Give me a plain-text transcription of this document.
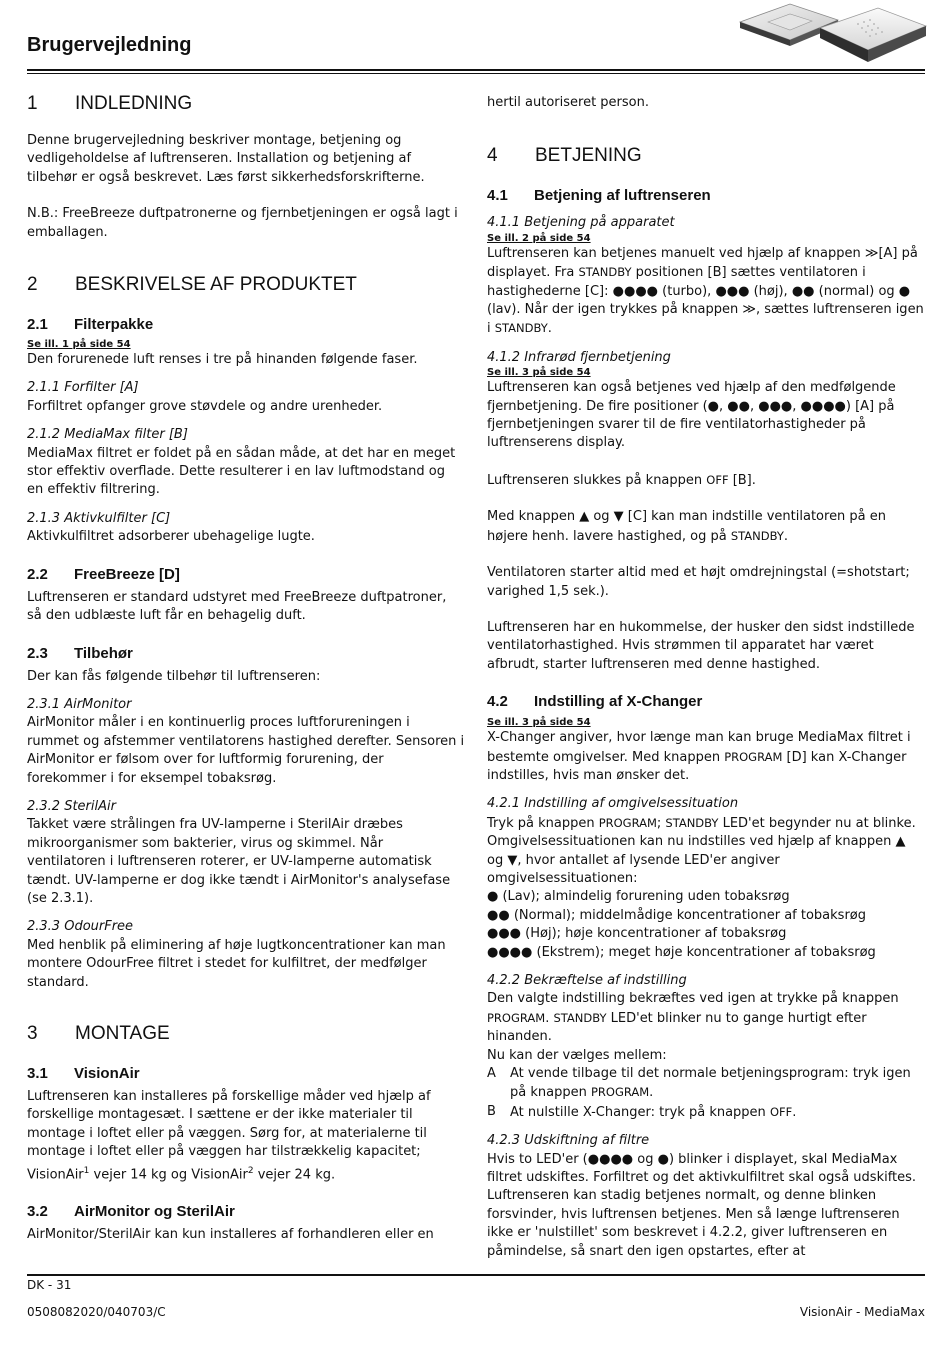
Brugervejledning
1	INDLEDNING

Denne brugervejledning beskriver montage, betjening og vedligeholdelse af luftrenseren. Installation og betjening af tilbehør er også beskrevet. Læs først sikkerhedsforskrifterne.

N.B.: FreeBreeze duftpatronerne og fjernbetjeningen er også lagt i emballagen.

2	BESKRIVELSE AF PRODUKTET
2.1	Filterpakke

Se ill. 1 på side 54

Den forurenede luft renses i tre på hinanden følgende faser.

2.1.1 Forfilter [A]

Forfiltret opfanger grove støvdele og andre urenheder.

2.1.2 MediaMax filter [B]

MediaMax filtret er foldet på en sådan måde, at det har en meget stor effektiv overflade. Dette resulterer i en lav luftmodstand og en effektiv filtrering.

2.1.3 Aktivkulfilter [C]

Aktivkulfiltret adsorberer ubehagelige lugte.

2.2	FreeBreeze [D]

Luftrenseren er standard udstyret med FreeBreeze duftpatroner, så den udblæste luft får en behagelig duft.

2.3	Tilbehør

Der kan fås følgende tilbehør til luftrenseren:

2.3.1 AirMonitor

AirMonitor måler i en kontinuerlig proces luftforureningen i rummet og afstemmer ventilatorens hastighed derefter. Sensoren i AirMonitor er følsom over for luftformig forurening, der forekommer i for eksempel tobaksrøg.

2.3.2 SterilAir

Takket være strålingen fra UV-lamperne i SterilAir dræbes mikroorganismer som bakterier, virus og skimmel. Når ventilatoren i luftrenseren roterer, er UV-lamperne automatisk tændt. UV-lamperne er dog ikke tændt i AirMonitor's analysefase (se 2.3.1).

2.3.3 OdourFree

Med henblik på eliminering af høje lugtkoncentrationer kan man montere OdourFree filtret i stedet for kulfiltret, der medfølger standard.

3	MONTAGE
3.1	VisionAir

Luftrenseren kan installeres på forskellige måder ved hjælp af forskellige montagesæt. I sættene er der ikke materialer til montage i loftet eller på væggen. Sørg for, at materialerne til montage i loftet eller på væggen har tilstrækkelig kapacitet; VisionAir$^1$ vejer 14 kg og VisionAir$^2$ vejer 24 kg.

3.2	AirMonitor og SterilAir

AirMonitor/SterilAir kan kun installeres af forhandleren eller en

hertil autoriseret person.

4	BETJENING
4.1	Betjening af luftrenseren

4.1.1 Betjening på apparatet

Se ill. 2 på side 54

Luftrenseren kan betjenes manuelt ved hjælp af knappen ≫[A] på displayet. Fra STANDBY positionen [B] sættes ventilatoren i hastighederne [C]: ●●●● (turbo), ●●● (høj), ●● (normal) og ● (lav). Når der igen trykkes på knappen ≫, sættes luftrenseren igen i STANDBY.

4.1.2 Infrarød fjernbetjening

Se ill. 3 på side 54

Luftrenseren kan også betjenes ved hjælp af den medfølgende fjernbetjening. De fire positioner (●, ●●, ●●●, ●●●●) [A] på fjernbetjeningen svarer til de fire ventilatorhastigheder på luftrenserens display.

Luftrenseren slukkes på knappen OFF [B].

Med knappen ▲ og ▼ [C] kan man indstille ventilatoren på en højere henh. lavere hastighed, og på STANDBY.

Ventilatoren starter altid med et højt omdrejningstal (=shotstart; varighed 1,5 sek.).

Luftrenseren har en hukommelse, der husker den sidst indstillede ventilatorhastighed. Hvis strømmen til apparatet har været afbrudt, starter luftrenseren med denne hastighed.

4.2	Indstilling af X-Changer

Se ill. 3 på side 54

X-Changer angiver, hvor længe man kan bruge MediaMax filtret i bestemte omgivelser. Med knappen PROGRAM [D] kan X-Changer indstilles, hvis man ønsker det.

4.2.1 Indstilling af omgivelsessituation

Tryk på knappen PROGRAM; STANDBY LED'et begynder nu at blinke. Omgivelsessituationen kan nu indstilles ved hjælp af knappen ▲ og ▼, hvor antallet af lysende LED'er angiver omgivelsessituationen:

● (Lav); almindelig forurening uden tobaksrøg

●● (Normal); middelmådige koncentrationer af tobaksrøg

●●● (Høj); høje koncentrationer af tobaksrøg

●●●● (Ekstrem); meget høje koncentrationer af tobaksrøg

4.2.2 Bekræftelse af indstilling

Den valgte indstilling bekræftes ved igen at trykke på knappen PROGRAM. STANDBY LED'et blinker nu to gange hurtigt efter hinanden.

Nu kan der vælges mellem:

A	At vende tilbage til det normale betjeningsprogram: tryk igen på knappen PROGRAM.
B	At nulstille X-Changer: tryk på knappen OFF.

4.2.3 Udskiftning af filtre

Hvis to LED'er (●●●● og ●) blinker i displayet, skal MediaMax filtret udskiftes. Forfiltret og det aktivkulfiltret skal også udskiftes. Luftrenseren kan stadig betjenes normalt, og denne blinken forsvinder, hvis luftrensen betjenes. Men så længe luftrenseren ikke er 'nulstillet' som beskrevet i 4.2.2, giver luftrenseren en påmindelse, så snart den igen opstartes, efter at

DK - 31
0508082020/040703/C	VisionAir - MediaMax
